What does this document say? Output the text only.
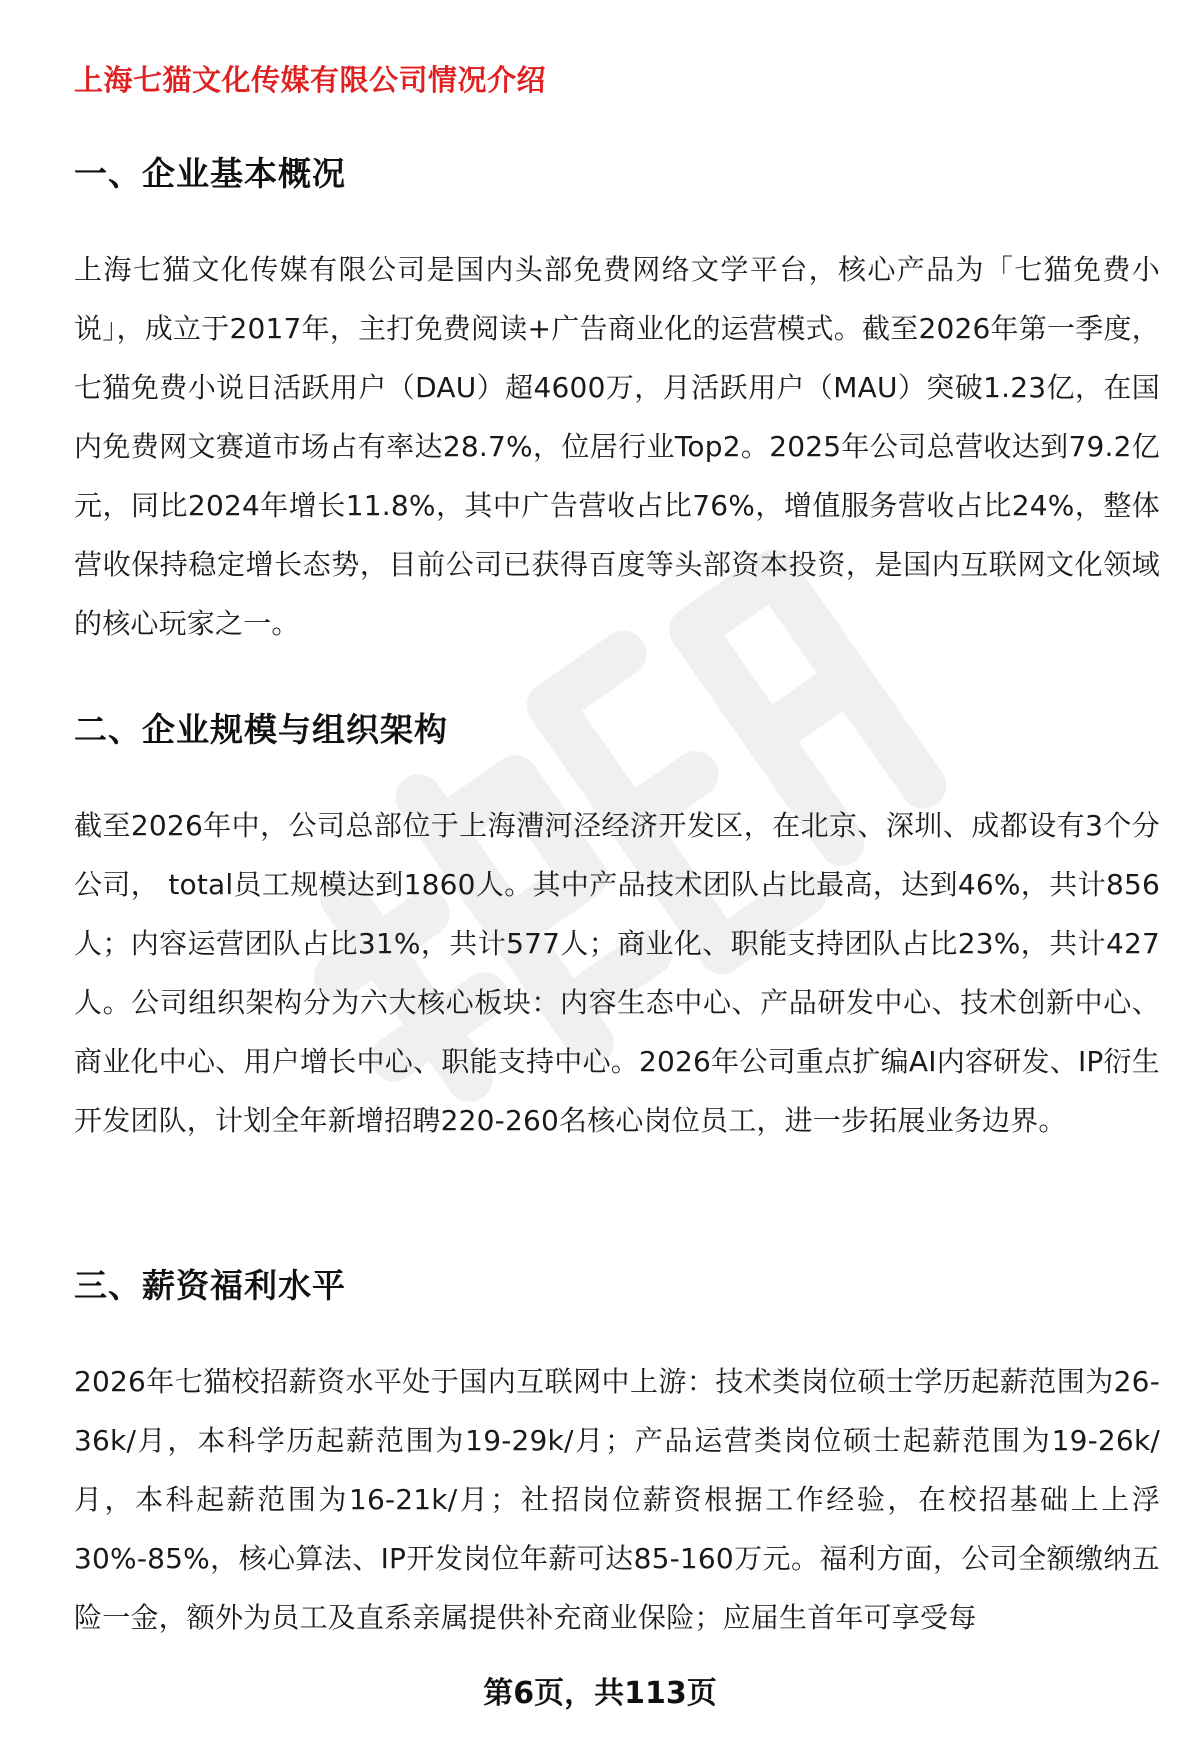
上海七猫文化传媒有限公司情况介绍
一、企业基本概况

上海七猫文化传媒有限公司是国内头部免费网络文学平台，核心产品为「七猫免费小说」，成立于2017年，主打免费阅读+广告商业化的运营模式。截至2026年第一季度，七猫免费小说日活跃用户（DAU）超4600万，月活跃用户（MAU）突破1.23亿，在国内免费网文赛道市场占有率达28.7%，位居行业Top2。2025年公司总营收达到79.2亿元，同比2024年增长11.8%，其中广告营收占比76%，增值服务营收占比24%，整体营收保持稳定增长态势，目前公司已获得百度等头部资本投资，是国内互联网文化领域的核心玩家之一。

二、企业规模与组织架构

截至2026年中，公司总部位于上海漕河泾经济开发区，在北京、深圳、成都设有3个分公司， total员工规模达到1860人。其中产品技术团队占比最高，达到46%，共计856人；内容运营团队占比31%，共计577人；商业化、职能支持团队占比23%，共计427人。公司组织架构分为六大核心板块：内容生态中心、产品研发中心、技术创新中心、商业化中心、用户增长中心、职能支持中心。2026年公司重点扩编AI内容研发、IP衍生开发团队，计划全年新增招聘220-260名核心岗位员工，进一步拓展业务边界。

三、薪资福利水平

2026年七猫校招薪资水平处于国内互联网中上游：技术类岗位硕士学历起薪范围为26-36k/月，本科学历起薪范围为19-29k/月；产品运营类岗位硕士起薪范围为19-26k/月，本科起薪范围为16-21k/月；社招岗位薪资根据工作经验，在校招基础上上浮30%-85%，核心算法、IP开发岗位年薪可达85-160万元。福利方面，公司全额缴纳五险一金，额外为员工及直系亲属提供补充商业保险；应届生首年可享受每

第6页，共113页
